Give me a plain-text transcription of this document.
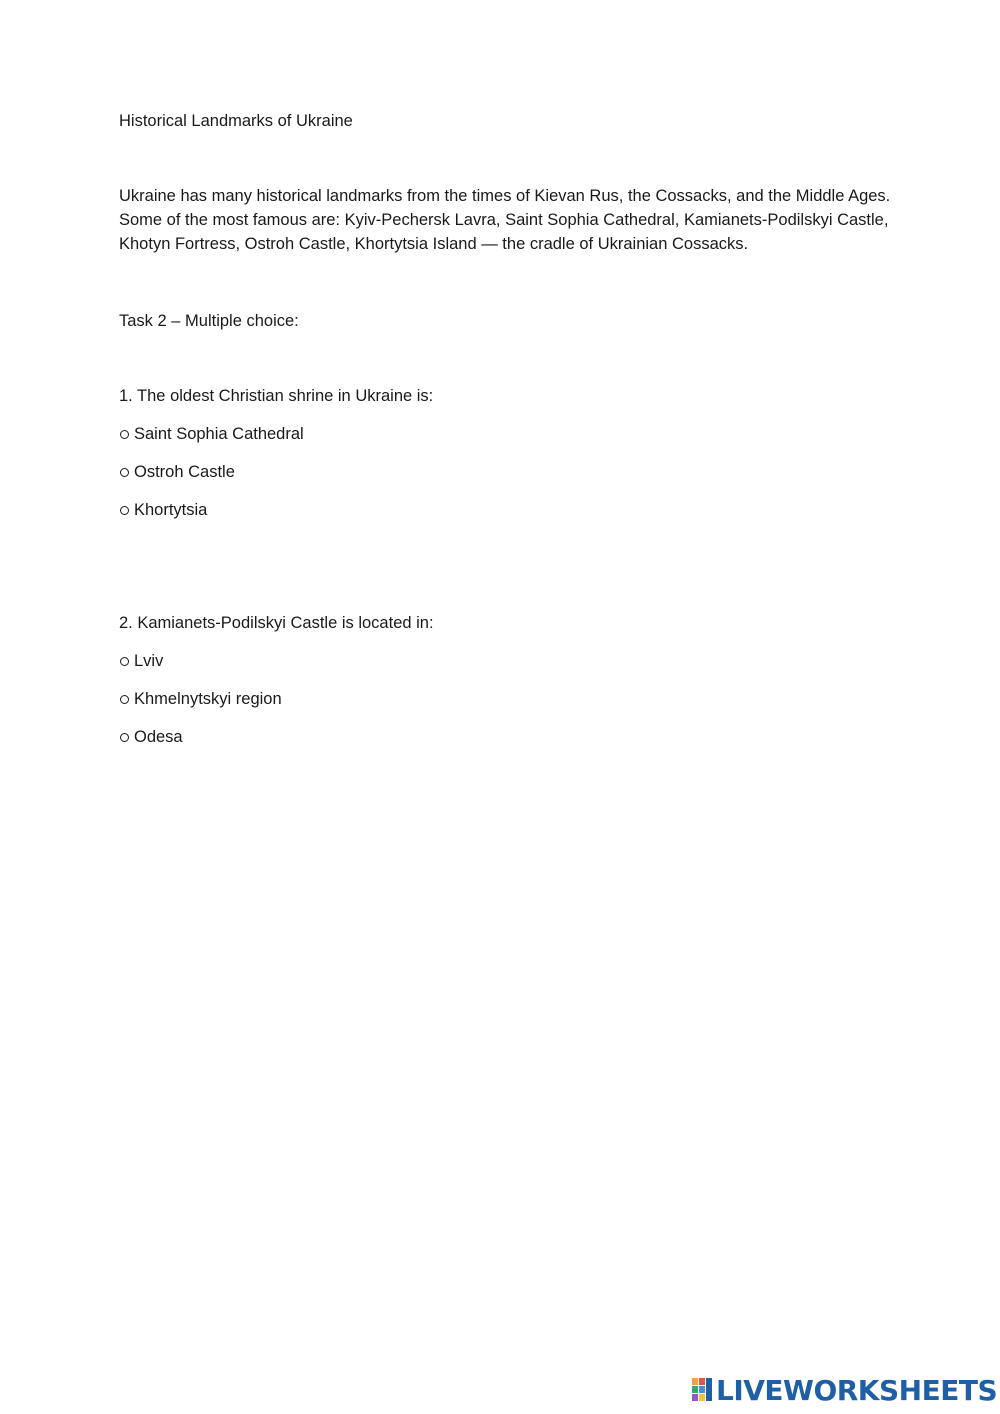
Historical Landmarks of Ukraine
Ukraine has many historical landmarks from the times of Kievan Rus, the Cossacks, and the Middle Ages. Some of the most famous are: Kyiv-Pechersk Lavra, Saint Sophia Cathedral, Kamianets-Podilskyi Castle, Khotyn Fortress, Ostroh Castle, Khortytsia Island — the cradle of Ukrainian Cossacks.
Task 2 – Multiple choice:
1. The oldest Christian shrine in Ukraine is:
Saint Sophia Cathedral
Ostroh Castle
Khortytsia
2. Kamianets-Podilskyi Castle is located in:
Lviv
Khmelnytskyi region
Odesa
LIVEWORKSHEETS
